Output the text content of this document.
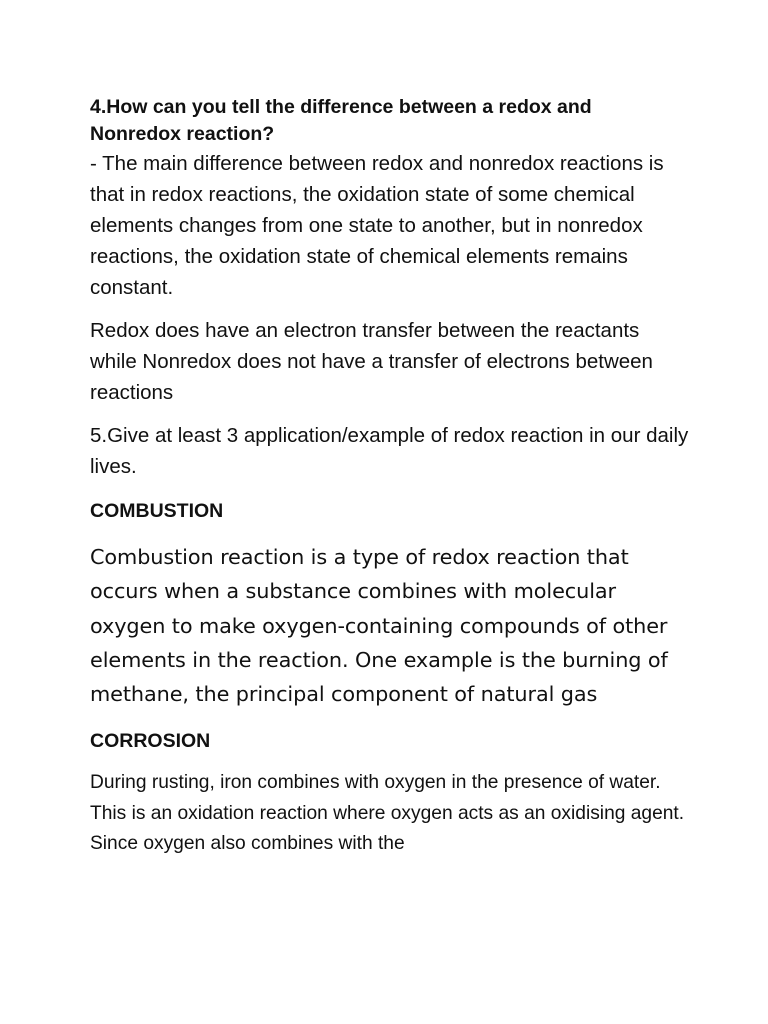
4.How can you tell the difference between a redox and
Nonredox reaction?

- The main difference between redox and nonredox reactions is that in redox reactions, the oxidation state of some chemical elements changes from one state to another, but in nonredox reactions, the oxidation state of chemical elements remains constant.

Redox does have an electron transfer between the reactants while Nonredox does not have a transfer of electrons between reactions

5.Give at least 3 application/example of redox reaction in our daily lives.

COMBUSTION

Combustion reaction is a type of redox reaction that occurs when a substance combines with molecular oxygen to make oxygen-containing compounds of other elements in the reaction. One example is the burning of methane, the principal component of natural gas

CORROSION

During rusting, iron combines with oxygen in the presence of water. This is an oxidation reaction where oxygen acts as an oxidising agent. Since oxygen also combines with the
